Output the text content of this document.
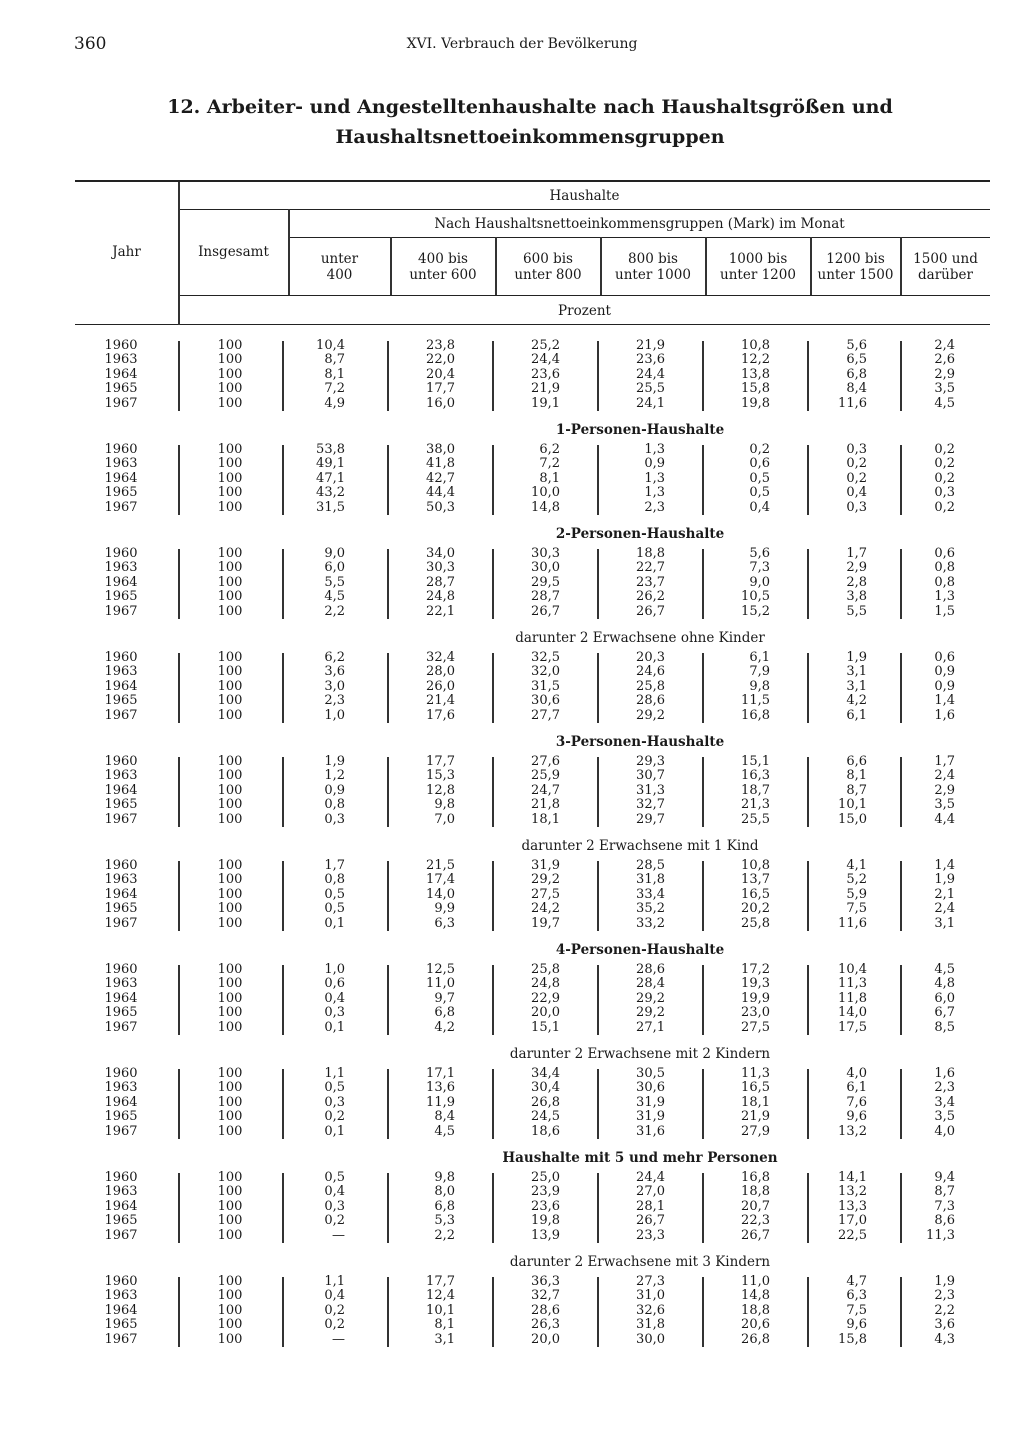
360	XVI. Verbrauch der Bevölkerung
12. Arbeiter- und Angestelltenhaushalte nach Haushaltsgrößen und
Haushaltsnettoeinkommensgruppen
Jahr
Haushalte
Insgesamt
Nach Haushaltsnettoeinkommensgruppen (Mark) im Monat
unter
400
400 bis
unter 600
600 bis
unter 800
800 bis
unter 1000
1000 bis
unter 1200
1200 bis
unter 1500
1500 und
darüber
Prozent
1960	100	10,4	23,8	25,2	21,9	10,8	5,6	2,4
1963	100	8,7	22,0	24,4	23,6	12,2	6,5	2,6
1964	100	8,1	20,4	23,6	24,4	13,8	6,8	2,9
1965	100	7,2	17,7	21,9	25,5	15,8	8,4	3,5
1967	100	4,9	16,0	19,1	24,1	19,8	11,6	4,5
1-Personen-Haushalte
1960	100	53,8	38,0	6,2	1,3	0,2	0,3	0,2
1963	100	49,1	41,8	7,2	0,9	0,6	0,2	0,2
1964	100	47,1	42,7	8,1	1,3	0,5	0,2	0,2
1965	100	43,2	44,4	10,0	1,3	0,5	0,4	0,3
1967	100	31,5	50,3	14,8	2,3	0,4	0,3	0,2
2-Personen-Haushalte
1960	100	9,0	34,0	30,3	18,8	5,6	1,7	0,6
1963	100	6,0	30,3	30,0	22,7	7,3	2,9	0,8
1964	100	5,5	28,7	29,5	23,7	9,0	2,8	0,8
1965	100	4,5	24,8	28,7	26,2	10,5	3,8	1,3
1967	100	2,2	22,1	26,7	26,7	15,2	5,5	1,5
darunter 2 Erwachsene ohne Kinder
1960	100	6,2	32,4	32,5	20,3	6,1	1,9	0,6
1963	100	3,6	28,0	32,0	24,6	7,9	3,1	0,9
1964	100	3,0	26,0	31,5	25,8	9,8	3,1	0,9
1965	100	2,3	21,4	30,6	28,6	11,5	4,2	1,4
1967	100	1,0	17,6	27,7	29,2	16,8	6,1	1,6
3-Personen-Haushalte
1960	100	1,9	17,7	27,6	29,3	15,1	6,6	1,7
1963	100	1,2	15,3	25,9	30,7	16,3	8,1	2,4
1964	100	0,9	12,8	24,7	31,3	18,7	8,7	2,9
1965	100	0,8	9,8	21,8	32,7	21,3	10,1	3,5
1967	100	0,3	7,0	18,1	29,7	25,5	15,0	4,4
darunter 2 Erwachsene mit 1 Kind
1960	100	1,7	21,5	31,9	28,5	10,8	4,1	1,4
1963	100	0,8	17,4	29,2	31,8	13,7	5,2	1,9
1964	100	0,5	14,0	27,5	33,4	16,5	5,9	2,1
1965	100	0,5	9,9	24,2	35,2	20,2	7,5	2,4
1967	100	0,1	6,3	19,7	33,2	25,8	11,6	3,1
4-Personen-Haushalte
1960	100	1,0	12,5	25,8	28,6	17,2	10,4	4,5
1963	100	0,6	11,0	24,8	28,4	19,3	11,3	4,8
1964	100	0,4	9,7	22,9	29,2	19,9	11,8	6,0
1965	100	0,3	6,8	20,0	29,2	23,0	14,0	6,7
1967	100	0,1	4,2	15,1	27,1	27,5	17,5	8,5
darunter 2 Erwachsene mit 2 Kindern
1960	100	1,1	17,1	34,4	30,5	11,3	4,0	1,6
1963	100	0,5	13,6	30,4	30,6	16,5	6,1	2,3
1964	100	0,3	11,9	26,8	31,9	18,1	7,6	3,4
1965	100	0,2	8,4	24,5	31,9	21,9	9,6	3,5
1967	100	0,1	4,5	18,6	31,6	27,9	13,2	4,0
Haushalte mit 5 und mehr Personen
1960	100	0,5	9,8	25,0	24,4	16,8	14,1	9,4
1963	100	0,4	8,0	23,9	27,0	18,8	13,2	8,7
1964	100	0,3	6,8	23,6	28,1	20,7	13,3	7,3
1965	100	0,2	5,3	19,8	26,7	22,3	17,0	8,6
1967	100	—	2,2	13,9	23,3	26,7	22,5	11,3
darunter 2 Erwachsene mit 3 Kindern
1960	100	1,1	17,7	36,3	27,3	11,0	4,7	1,9
1963	100	0,4	12,4	32,7	31,0	14,8	6,3	2,3
1964	100	0,2	10,1	28,6	32,6	18,8	7,5	2,2
1965	100	0,2	8,1	26,3	31,8	20,6	9,6	3,6
1967	100	—	3,1	20,0	30,0	26,8	15,8	4,3
